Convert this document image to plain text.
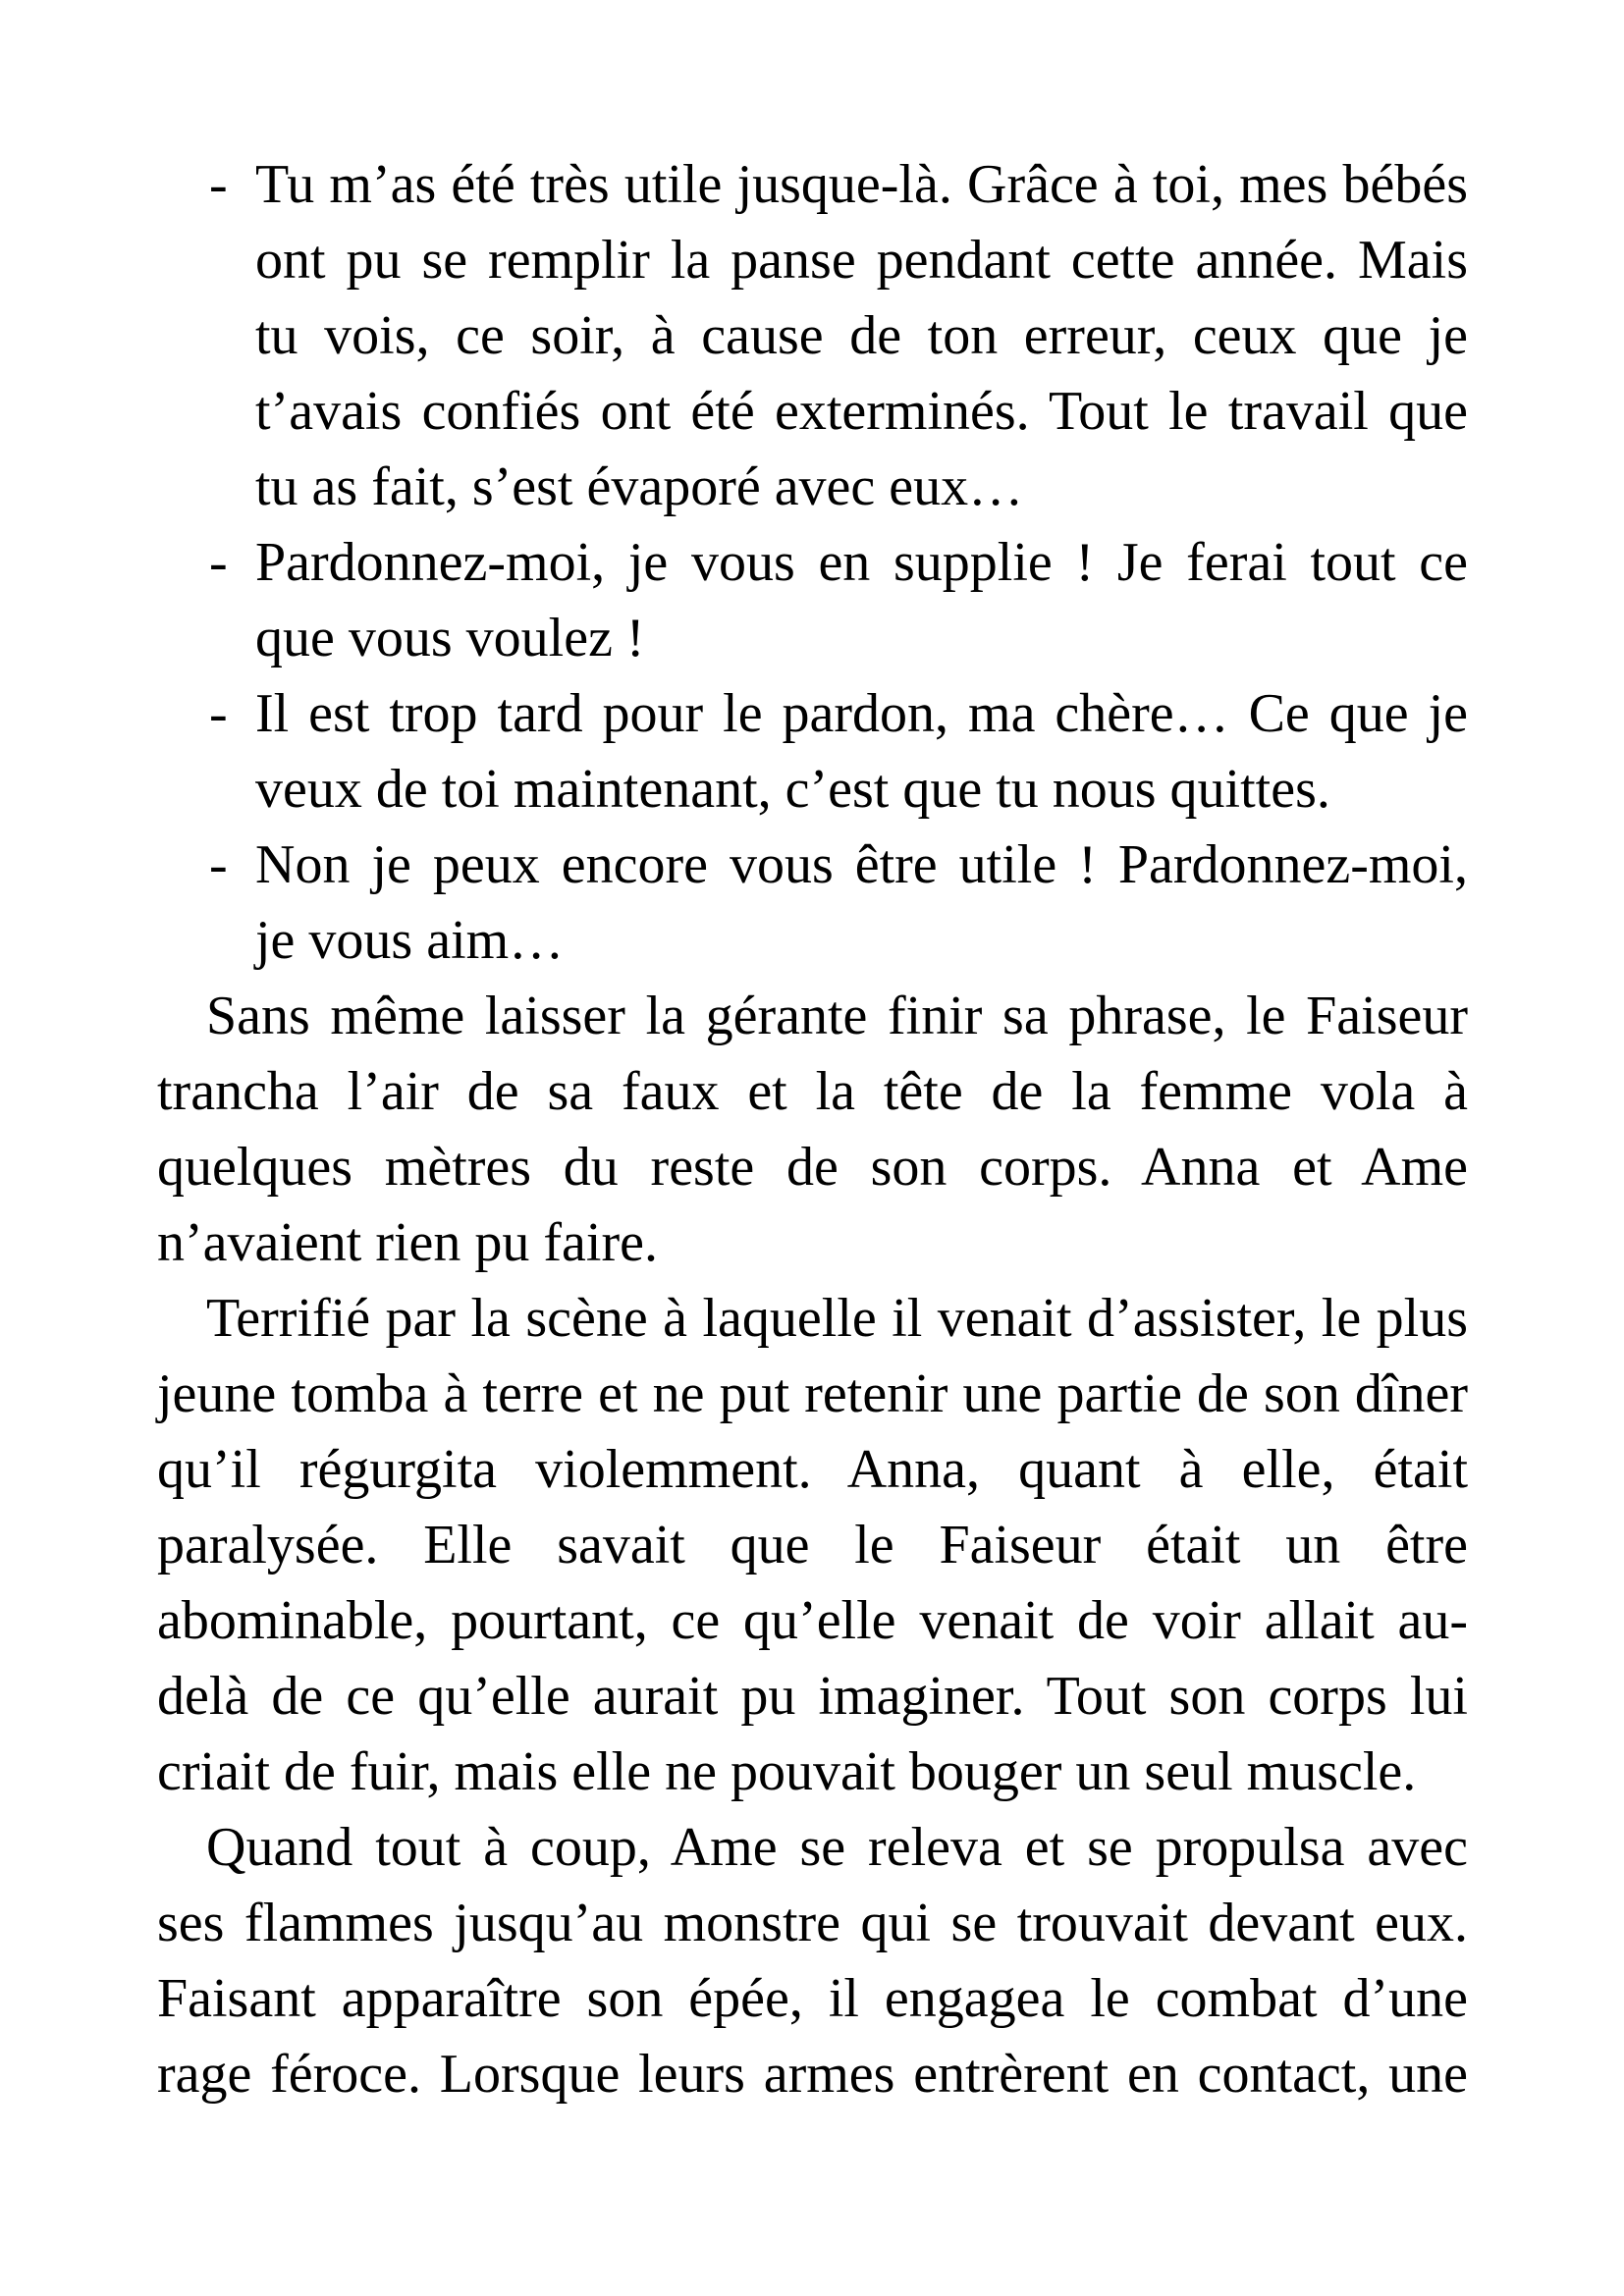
- Tu m’as été très utile jusque-là. Grâce à toi, mes bébés
ont pu se remplir la panse pendant cette année. Mais
tu vois, ce soir, à cause de ton erreur, ceux que je
t’avais confiés ont été exterminés. Tout le travail que
tu as fait, s’est évaporé avec eux…
- Pardonnez-moi, je vous en supplie ! Je ferai tout ce
que vous voulez !
- Il est trop tard pour le pardon, ma chère… Ce que je
veux de toi maintenant, c’est que tu nous quittes.
- Non je peux encore vous être utile ! Pardonnez-moi,
je vous aim…
Sans même laisser la gérante finir sa phrase, le Faiseur
trancha l’air de sa faux et la tête de la femme vola à
quelques mètres du reste de son corps. Anna et Ame
n’avaient rien pu faire.
Terrifié par la scène à laquelle il venait d’assister, le plus
jeune tomba à terre et ne put retenir une partie de son dîner
qu’il régurgita violemment. Anna, quant à elle, était
paralysée. Elle savait que le Faiseur était un être
abominable, pourtant, ce qu’elle venait de voir allait au-
delà de ce qu’elle aurait pu imaginer. Tout son corps lui
criait de fuir, mais elle ne pouvait bouger un seul muscle.
Quand tout à coup, Ame se releva et se propulsa avec
ses flammes jusqu’au monstre qui se trouvait devant eux.
Faisant apparaître son épée, il engagea le combat d’une
rage féroce. Lorsque leurs armes entrèrent en contact, une
